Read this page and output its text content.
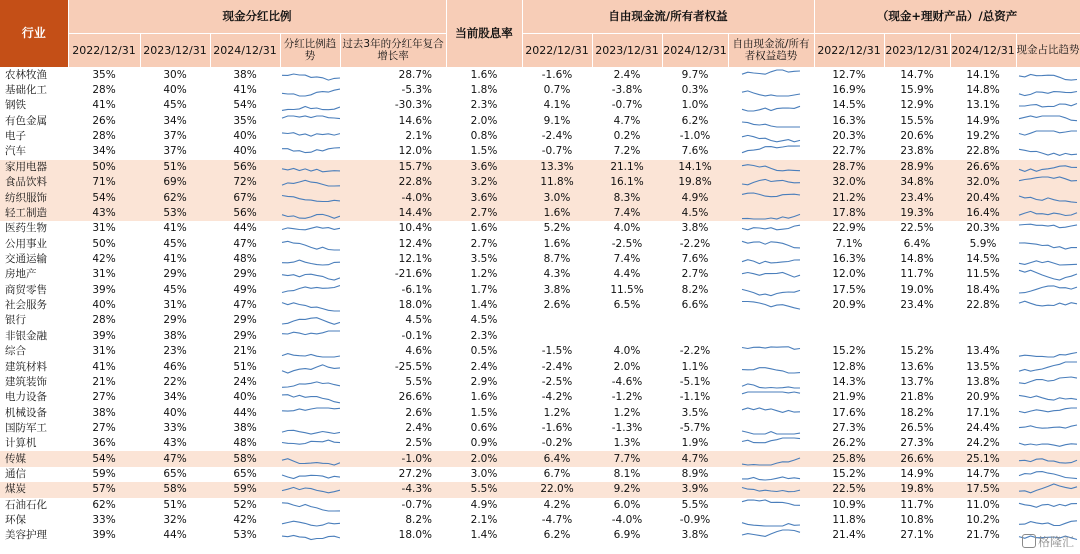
行业	现金分红比例					当前股息率	自由现金流/所有者权益				（现金+理财产品）/总资产			
	2022/12/31	2023/12/31	2024/12/31	分红比例趋势	过去3年的分红年复合增长率		2022/12/31	2023/12/31	2024/12/31	自由现金流/所有者权益趋势	2022/12/31	2023/12/31	2024/12/31	现金占比趋势
农林牧渔	35%	30%	38%		28.7%	1.6%	-1.6%	2.4%	9.7%		12.7%	14.7%	14.1%	

基础化工	28%	40%	41%		-5.3%	1.8%	0.7%	-3.8%	0.3%		16.9%	15.9%	14.8%	

钢铁	41%	45%	54%		-30.3%	2.3%	4.1%	-0.7%	1.0%		14.5%	12.9%	13.1%	

有色金属	26%	34%	35%		14.6%	2.0%	9.1%	4.7%	6.2%		16.3%	15.5%	14.9%	

电子	28%	37%	40%		2.1%	0.8%	-2.4%	0.2%	-1.0%		20.3%	20.6%	19.2%	

汽车	34%	37%	40%		12.0%	1.5%	-0.7%	7.2%	7.6%		22.7%	23.8%	22.8%	

家用电器	50%	51%	56%		15.7%	3.6%	13.3%	21.1%	14.1%		28.7%	28.9%	26.6%	

食品饮料	71%	69%	72%		22.8%	3.2%	11.8%	16.1%	19.8%		32.0%	34.8%	32.0%	

纺织服饰	54%	62%	67%		-4.0%	3.6%	3.0%	8.3%	4.9%		21.2%	23.4%	20.4%	

轻工制造	43%	53%	56%		14.4%	2.7%	1.6%	7.4%	4.5%		17.8%	19.3%	16.4%	

医药生物	31%	41%	44%		10.4%	1.6%	5.2%	4.0%	3.8%		22.9%	22.5%	20.3%	

公用事业	50%	45%	47%		12.4%	2.7%	1.6%	-2.5%	-2.2%		7.1%	6.4%	5.9%	

交通运输	42%	41%	48%		12.1%	3.5%	8.7%	7.4%	7.6%		16.3%	14.8%	14.5%	

房地产	31%	29%	29%		-21.6%	1.2%	4.3%	4.4%	2.7%		12.0%	11.7%	11.5%	

商贸零售	39%	45%	49%		-6.1%	1.7%	3.8%	11.5%	8.2%		17.5%	19.0%	18.4%	

社会服务	40%	31%	47%		18.0%	1.4%	2.6%	6.5%	6.6%		20.9%	23.4%	22.8%	

银行	28%	29%	29%		4.5%	4.5%								
非银金融	39%	38%	29%		-0.1%	2.3%								
综合	31%	23%	21%		4.6%	0.5%	-1.5%	4.0%	-2.2%		15.2%	15.2%	13.4%	

建筑材料	41%	46%	51%		-25.5%	2.4%	-2.4%	2.0%	1.1%		12.8%	13.6%	13.5%	

建筑装饰	21%	22%	24%		5.5%	2.9%	-2.5%	-4.6%	-5.1%		14.3%	13.7%	13.8%	

电力设备	27%	34%	40%		26.6%	1.6%	-4.2%	-1.2%	-1.1%		21.9%	21.8%	20.9%	

机械设备	38%	40%	44%		2.6%	1.5%	1.2%	1.2%	3.5%		17.6%	18.2%	17.1%	

国防军工	27%	33%	38%		2.4%	0.6%	-1.6%	-1.3%	-5.7%		27.3%	26.5%	24.4%	

计算机	36%	43%	48%		2.5%	0.9%	-0.2%	1.3%	1.9%		26.2%	27.3%	24.2%	

传媒	54%	47%	58%		-1.0%	2.0%	6.4%	7.7%	4.7%		25.8%	26.6%	25.1%	

通信	59%	65%	65%		27.2%	3.0%	6.7%	8.1%	8.9%		15.2%	14.9%	14.7%	

煤炭	57%	58%	59%		-4.3%	5.5%	22.0%	9.2%	3.9%		22.5%	19.8%	17.5%	

石油石化	62%	51%	52%		-0.7%	4.9%	4.2%	6.0%	5.5%		10.9%	11.7%	11.0%	

环保	33%	32%	42%		8.2%	2.1%	-4.7%	-4.0%	-0.9%		11.8%	10.8%	10.2%	

美容护理	39%	44%	53%		18.0%	1.4%	6.2%	6.9%	3.8%		21.4%	27.1%	21.7%		格隆汇
